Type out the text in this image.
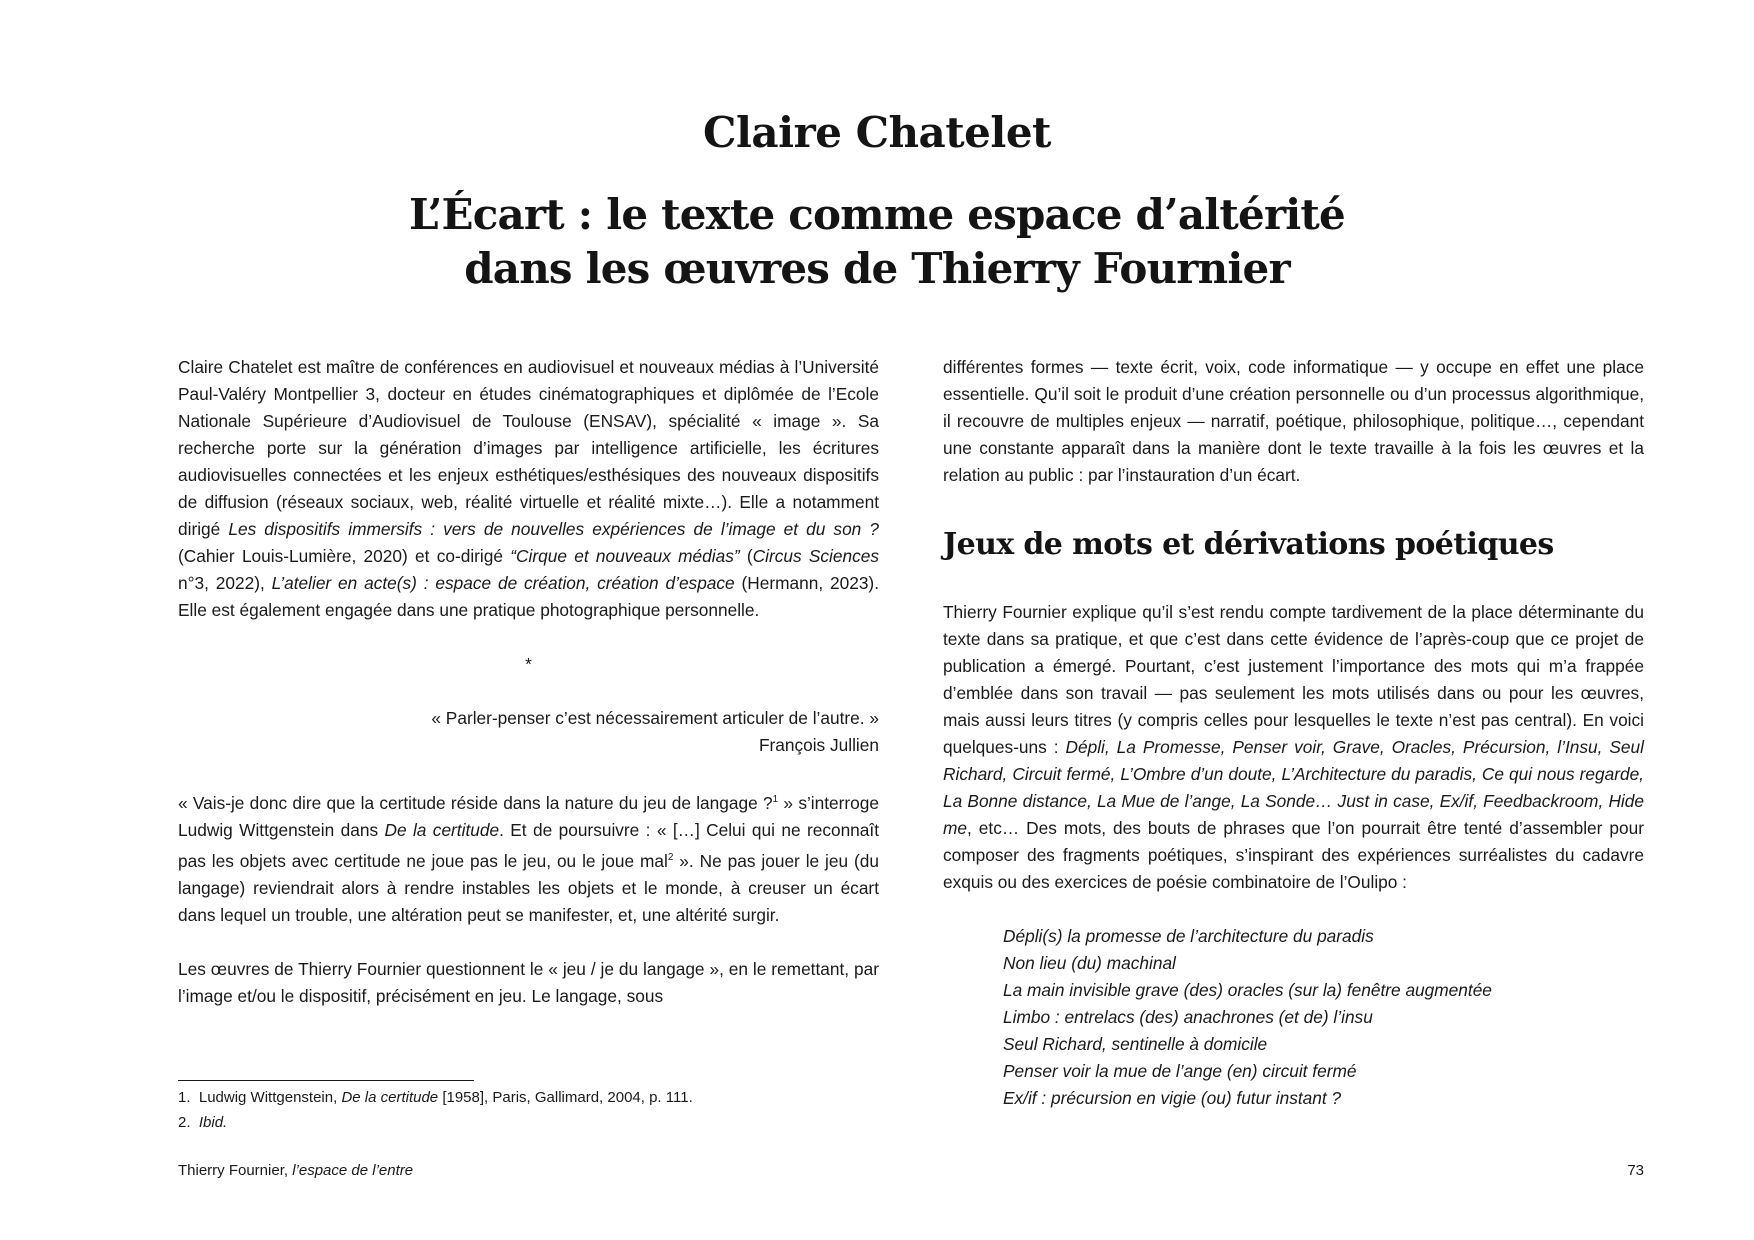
Claire Chatelet
L’Écart : le texte comme espace d’altérité
dans les œuvres de Thierry Fournier

Claire Chatelet est maître de conférences en audiovisuel et nouveaux médias à l’Université Paul-Valéry Montpellier 3, docteur en études cinématographiques et diplômée de l’Ecole Nationale Supérieure d’Audiovisuel de Toulouse (ENSAV), spécialité « image ». Sa recherche porte sur la génération d’images par intelligence artificielle, les écritures audiovisuelles connectées et les enjeux esthétiques/esthésiques des nouveaux dispositifs de diffusion (réseaux sociaux, web, réalité virtuelle et réalité mixte…). Elle a notamment dirigé Les dispositifs immersifs : vers de nouvelles expériences de l’image et du son ? (Cahier Louis-Lumière, 2020) et co-dirigé “Cirque et nouveaux médias” (Circus Sciences n°3, 2022), L’atelier en acte(s) : espace de création, création d’espace (Hermann, 2023). Elle est également engagée dans une pratique photographique personnelle.

*
« Parler-penser c’est nécessairement articuler de l’autre. »
François Jullien

« Vais-je donc dire que la certitude réside dans la nature du jeu de langage ?$^1$ » s’interroge Ludwig Wittgenstein dans De la certitude. Et de poursuivre : « […] Celui qui ne reconnaît pas les objets avec certitude ne joue pas le jeu, ou le joue mal$^2$ ». Ne pas jouer le jeu (du langage) reviendrait alors à rendre instables les objets et le monde, à creuser un écart dans lequel un trouble, une altération peut se manifester, et, une altérité surgir.

Les œuvres de Thierry Fournier questionnent le « jeu / je du langage », en le remettant, par l’image et/ou le dispositif, précisément en jeu. Le langage, sous

différentes formes — texte écrit, voix, code informatique — y occupe en effet une place essentielle. Qu’il soit le produit d’une création personnelle ou d’un processus algorithmique, il recouvre de multiples enjeux — narratif, poétique, philosophique, politique…, cependant une constante apparaît dans la manière dont le texte travaille à la fois les œuvres et la relation au public : par l’instauration d’un écart.

Jeux de mots et dérivations poétiques

Thierry Fournier explique qu’il s’est rendu compte tardivement de la place déterminante du texte dans sa pratique, et que c’est dans cette évidence de l’après-coup que ce projet de publication a émergé. Pourtant, c’est justement l’importance des mots qui m’a frappée d’emblée dans son travail — pas seulement les mots utilisés dans ou pour les œuvres, mais aussi leurs titres (y compris celles pour lesquelles le texte n’est pas central). En voici quelques-uns : Dépli, La Promesse, Penser voir, Grave, Oracles, Précursion, l’Insu, Seul Richard, Circuit fermé, L’Ombre d’un doute, L’Architecture du paradis, Ce qui nous regarde, La Bonne distance, La Mue de l’ange, La Sonde… Just in case, Ex/if, Feedbackroom, Hide me, etc… Des mots, des bouts de phrases que l’on pourrait être tenté d’assembler pour composer des fragments poétiques, s’inspirant des expériences surréalistes du cadavre exquis ou des exercices de poésie combinatoire de l’Oulipo :

Dépli(s) la promesse de l’architecture du paradis
Non lieu (du) machinal
La main invisible grave (des) oracles (sur la) fenêtre augmentée
Limbo : entrelacs (des) anachrones (et de) l’insu
Seul Richard, sentinelle à domicile
Penser voir la mue de l’ange (en) circuit fermé
Ex/if : précursion en vigie (ou) futur instant ?
1. Ludwig Wittgenstein, De la certitude [1958], Paris, Gallimard, 2004, p. 111.
2. Ibid.
Thierry Fournier, l’espace de l’entre	73
